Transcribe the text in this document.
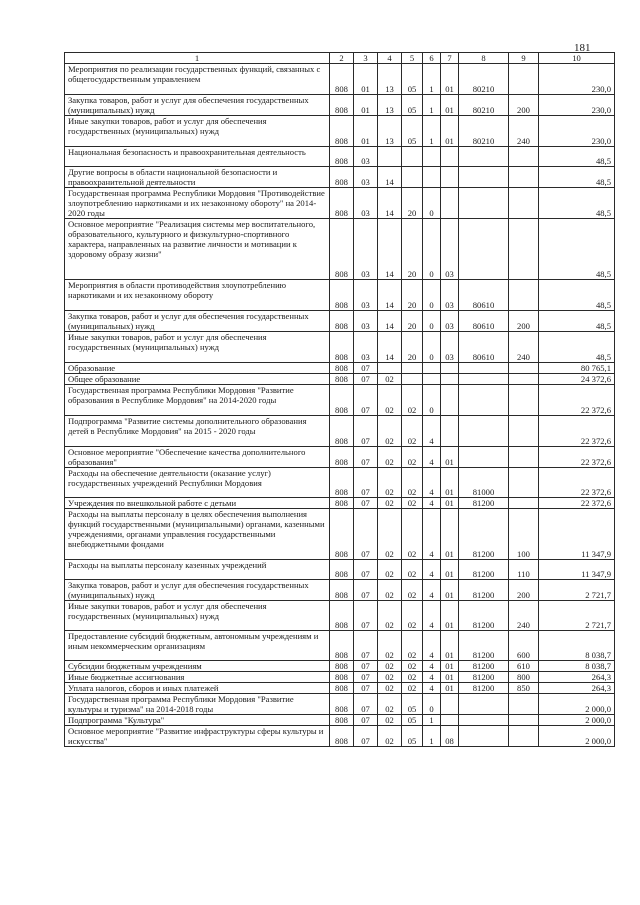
181
1	2	3	4	5	6	7	8	9	10
Мероприятия по реализации государственных функций, связанных с общегосударственным управлением	808	01	13	05	1	01	80210		230,0
Закупка товаров, работ и услуг для обеспечения государственных (муниципальных) нужд	808	01	13	05	1	01	80210	200	230,0
Иные закупки товаров, работ и услуг для обеспечения государственных (муниципальных) нужд	808	01	13	05	1	01	80210	240	230,0
Национальная безопасность и правоохранительная деятельность	808	03							48,5
Другие вопросы в области национальной безопасности и правоохранительной деятельности	808	03	14						48,5
Государственная программа Республики Мордовия "Противодействие злоупотреблению наркотиками и их незаконному обороту" на 2014-2020 годы	808	03	14	20	0				48,5
Основное мероприятие "Реализация системы мер воспитательного, образовательного, культурного и физкультурно-спортивного характера, направленных на развитие личности и мотивации к здоровому образу жизни"	808	03	14	20	0	03			48,5
Мероприятия в области противодействия злоупотреблению наркотиками и их незаконному обороту	808	03	14	20	0	03	80610		48,5
Закупка товаров, работ и услуг для обеспечения государственных (муниципальных) нужд	808	03	14	20	0	03	80610	200	48,5
Иные закупки товаров, работ и услуг для обеспечения государственных (муниципальных) нужд	808	03	14	20	0	03	80610	240	48,5
Образование	808	07							80 765,1
Общее образование	808	07	02						24 372,6
Государственная программа Республики Мордовия "Развитие образования в Республике Мордовия" на 2014-2020 годы	808	07	02	02	0				22 372,6
Подпрограмма "Развитие системы дополнительного образования детей в Республике Мордовия" на 2015 - 2020 годы	808	07	02	02	4				22 372,6
Основное мероприятие "Обеспечение качества дополнительного образования"	808	07	02	02	4	01			22 372,6
Расходы на обеспечение деятельности (оказание услуг) государственных учреждений Республики Мордовия	808	07	02	02	4	01	81000		22 372,6
Учреждения по внешкольной работе с детьми	808	07	02	02	4	01	81200		22 372,6
Расходы на выплаты персоналу в целях обеспечения выполнения функций государственными (муниципальными) органами, казенными учреждениями, органами управления государственными внебюджетными фондами	808	07	02	02	4	01	81200	100	11 347,9
Расходы на выплаты персоналу казенных учреждений	808	07	02	02	4	01	81200	110	11 347,9
Закупка товаров, работ и услуг для обеспечения государственных (муниципальных) нужд	808	07	02	02	4	01	81200	200	2 721,7
Иные закупки товаров, работ и услуг для обеспечения государственных (муниципальных) нужд	808	07	02	02	4	01	81200	240	2 721,7
Предоставление субсидий бюджетным, автономным учреждениям и иным некоммерческим организациям	808	07	02	02	4	01	81200	600	8 038,7
Субсидии бюджетным учреждениям	808	07	02	02	4	01	81200	610	8 038,7
Иные бюджетные ассигнования	808	07	02	02	4	01	81200	800	264,3
Уплата налогов, сборов и иных платежей	808	07	02	02	4	01	81200	850	264,3
Государственная программа Республики Мордовия "Развитие культуры и туризма" на 2014-2018 годы	808	07	02	05	0				2 000,0
Подпрограмма "Культура"	808	07	02	05	1				2 000,0
Основное мероприятие "Развитие инфраструктуры сферы культуры и искусства"	808	07	02	05	1	08			2 000,0
